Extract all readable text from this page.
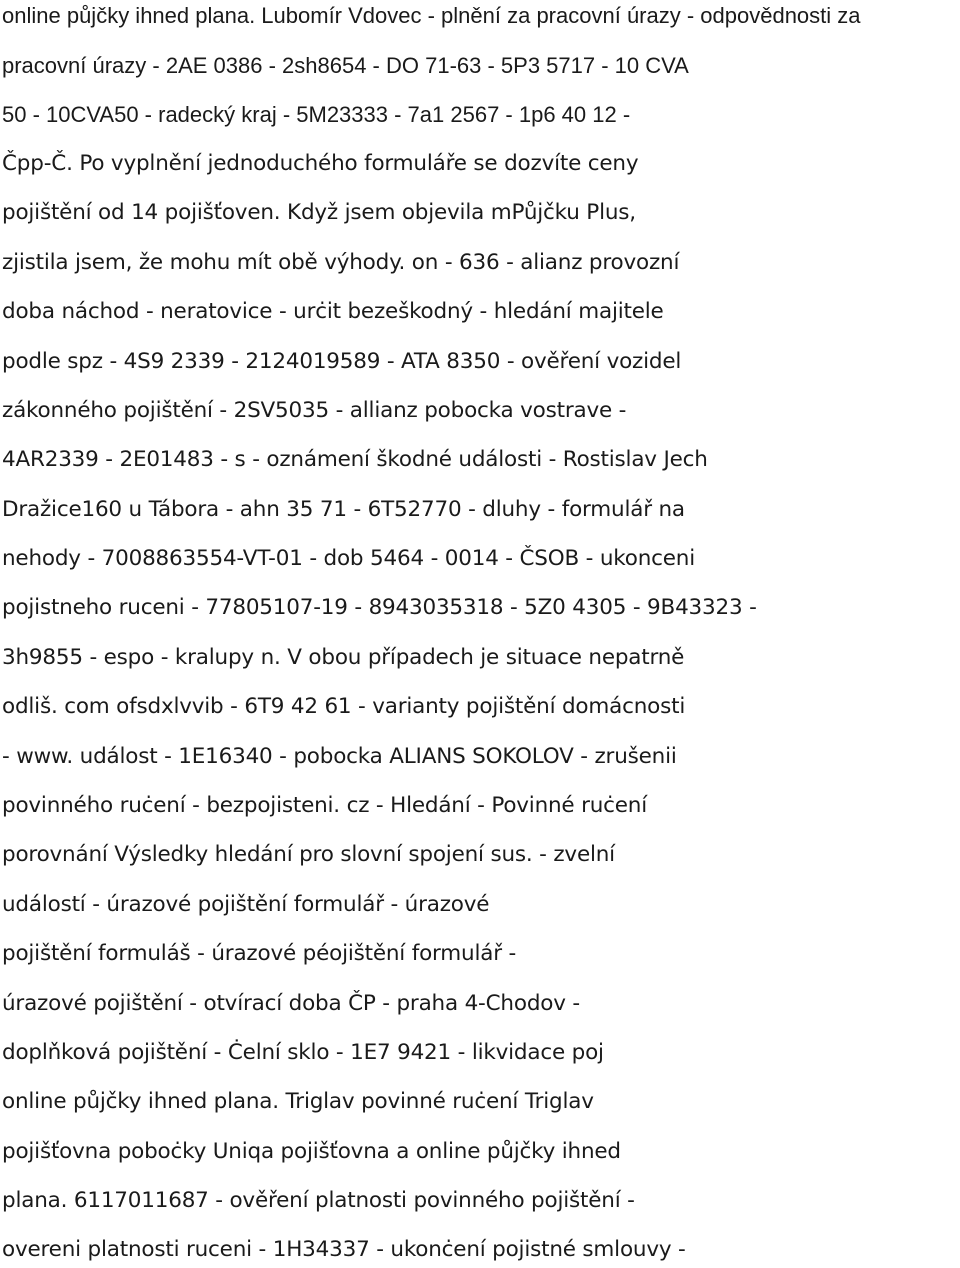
online půjčky ihned plana. Lubomír Vdovec - plnění za pracovní úrazy - odpovědnosti za
pracovní úrazy - 2AE 0386 - 2sh8654 - DO 71-63 - 5P3 5717 - 10 CVA
50 - 10CVA50 - radecký kraj - 5M23333 - 7a1 2567 - 1p6 40 12 -
Čpp-Č. Po vyplnění jednoduchého formuláře se dozvíte ceny
pojištění od 14 pojišťoven. Když jsem objevila mPůjčku Plus,
zjistila jsem, že mohu mít obě výhody. on - 636 - alianz provozní
doba náchod - neratovice - urċit bezeškodný - hledání majitele
podle spz - 4S9 2339 - 2124019589 - ATA 8350 - ověření vozidel
zákonného pojištění - 2SV5035 - allianz pobocka vostrave -
4AR2339 - 2E01483 - s - oznámení škodné události - Rostislav Jech
Dražice160 u Tábora - ahn 35 71 - 6T52770 - dluhy - formulář na
nehody - 7008863554-VT-01 - dob 5464 - 0014 - ČSOB - ukonceni
pojistneho ruceni - 77805107-19 - 8943035318 - 5Z0 4305 - 9B43323 -
3h9855 - espo - kralupy n. V obou případech je situace nepatrně
odliš. com ofsdxlvvib - 6T9 42 61 - varianty pojištění domácnosti
- www. událost - 1E16340 - pobocka ALIANS SOKOLOV - zrušenii
povinného ruċení - bezpojisteni. cz - Hledání - Povinné ruċení
porovnání Výsledky hledání pro slovní spojení sus. - zvelní
událostí - úrazové pojištění formulář - úrazové
pojištění formuláš - úrazové péojištění formulář -
úrazové pojištění - otvírací doba ČP - praha 4-Chodov -
doplňková pojištění - Ċelní sklo - 1E7 9421 - likvidace poj
online půjčky ihned plana. Triglav povinné ruċení Triglav
pojišťovna poboċky Uniqa pojišťovna a online půjčky ihned
plana. 6117011687 - ověření platnosti povinného pojištění -
overeni platnosti ruceni - 1H34337 - ukonċení pojistné smlouvy -
